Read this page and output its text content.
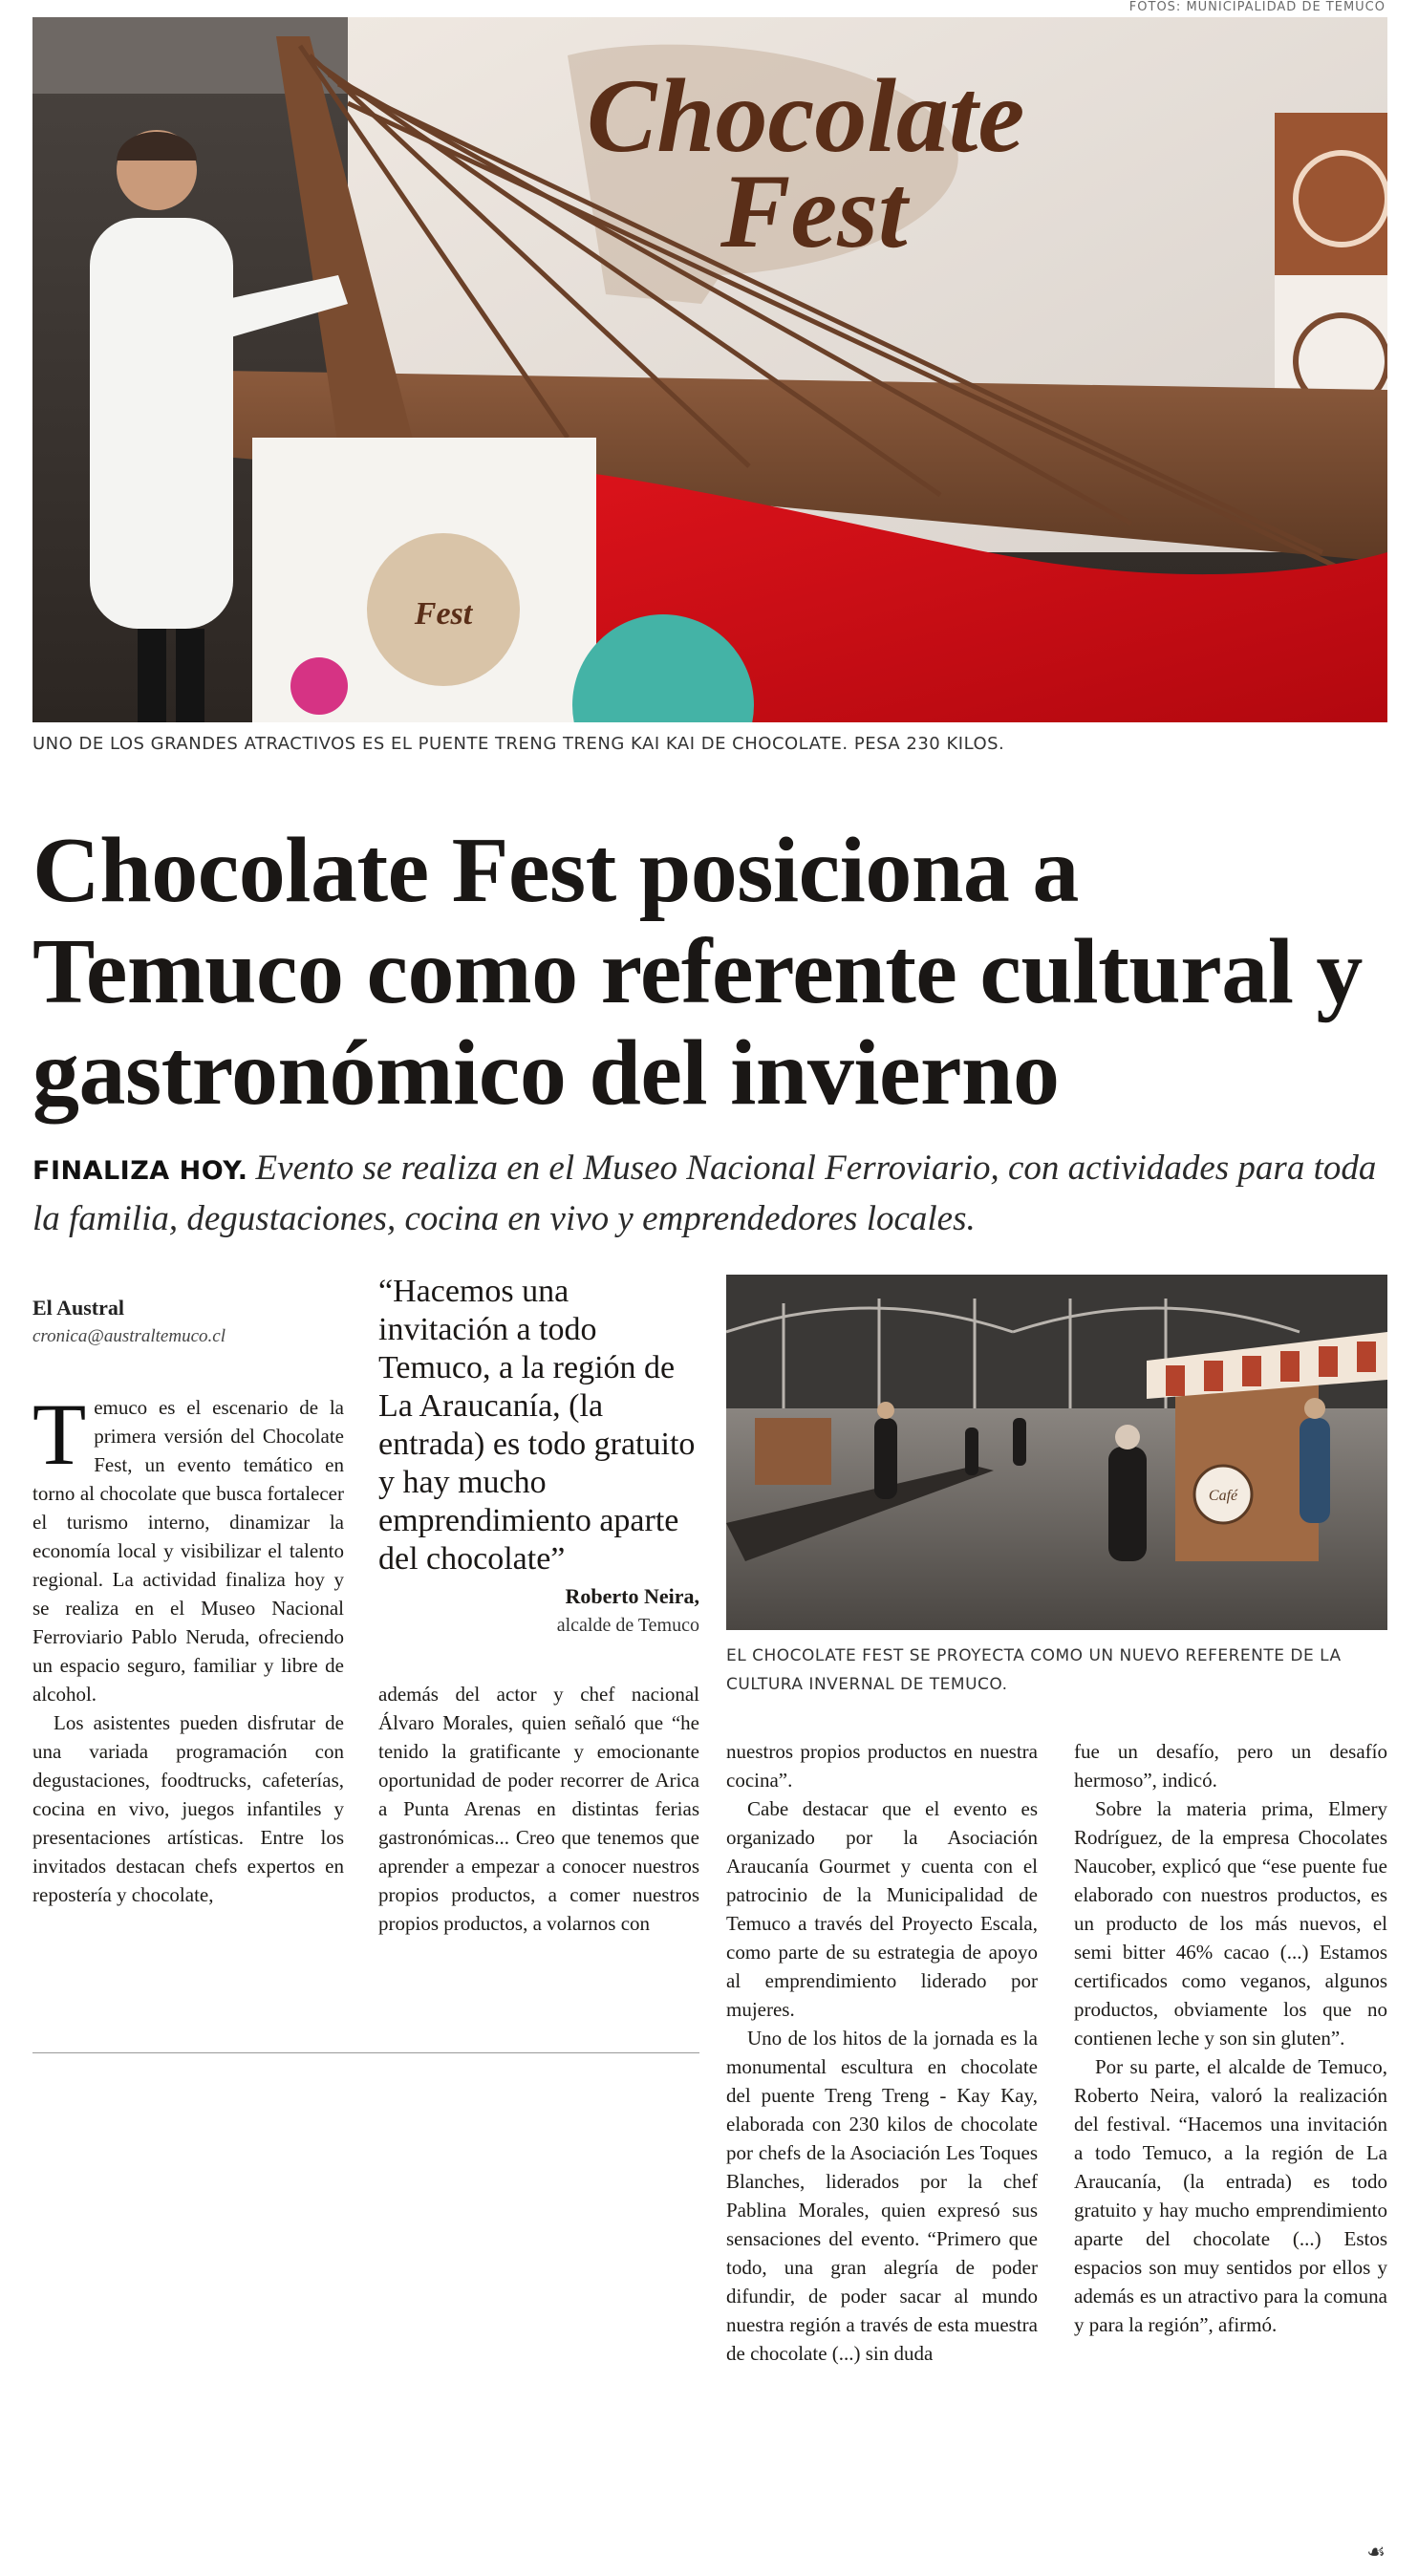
FOTOS: MUNICIPALIDAD DE TEMUCO
Chocolate
Fest
Fest
UNO DE LOS GRANDES ATRACTIVOS ES EL PUENTE TRENG TRENG KAI KAI DE CHOCOLATE. PESA 230 KILOS.
Chocolate Fest posiciona a Temuco como referente cultural y gastronómico del invierno
FINALIZA HOY. Evento se realiza en el Museo Nacional Ferroviario, con actividades para toda la familia, degustaciones, cocina en vivo y emprendedores locales.
El Austral
cronica@australtemuco.cl
“Hacemos una invitación a todo Temuco, a la región de La Araucanía, (la entrada) es todo gratuito y hay mucho emprendimiento aparte del chocolate”
Roberto Neira,
alcalde de Temuco
Café
EL CHOCOLATE FEST SE PROYECTA COMO UN NUEVO REFERENTE DE LA CULTURA INVERNAL DE TEMUCO.

Temuco es el escenario de la primera versión del Chocolate Fest, un evento temático en torno al chocolate que busca fortalecer el turismo interno, dinamizar la economía local y visibilizar el talento regional. La actividad finaliza hoy y se realiza en el Museo Nacional Ferroviario Pablo Neruda, ofreciendo un espacio seguro, familiar y libre de alcohol.

Los asistentes pueden disfrutar de una variada programación con degustaciones, foodtrucks, cafeterías, cocina en vivo, juegos infantiles y presentaciones artísticas. Entre los invitados destacan chefs expertos en repostería y chocolate,

además del actor y chef nacional Álvaro Morales, quien señaló que “he tenido la gratificante y emocionante oportunidad de poder recorrer de Arica a Punta Arenas en distintas ferias gastronómicas... Creo que tenemos que aprender a empezar a conocer nuestros propios productos, a comer nuestros propios productos, a volarnos con

nuestros propios productos en nuestra cocina”.

Cabe destacar que el evento es organizado por la Asociación Araucanía Gourmet y cuenta con el patrocinio de la Municipalidad de Temuco a través del Proyecto Escala, como parte de su estrategia de apoyo al emprendimiento liderado por mujeres.

Uno de los hitos de la jornada es la monumental escultura en chocolate del puente Treng Treng - Kay Kay, elaborada con 230 kilos de chocolate por chefs de la Asociación Les Toques Blanches, liderados por la chef Pablina Morales, quien expresó sus sensaciones del evento. “Primero que todo, una gran alegría de poder difundir, de poder sacar al mundo nuestra región a través de esta muestra de chocolate (...) sin duda

fue un desafío, pero un desafío hermoso”, indicó.

Sobre la materia prima, Elmery Rodríguez, de la empresa Chocolates Naucober, explicó que “ese puente fue elaborado con nuestros productos, es un producto de los más nuevos, el semi bitter 46% cacao (...) Estamos certificados como veganos, algunos productos, obviamente los que no contienen leche y son sin gluten”.

Por su parte, el alcalde de Temuco, Roberto Neira, valoró la realización del festival. “Hacemos una invitación a todo Temuco, a la región de La Araucanía, (la entrada) es todo gratuito y hay mucho emprendimiento aparte del chocolate (...) Estos espacios son muy sentidos por ellos y además es un atractivo para la comuna y para la región”, afirmó.

☙
